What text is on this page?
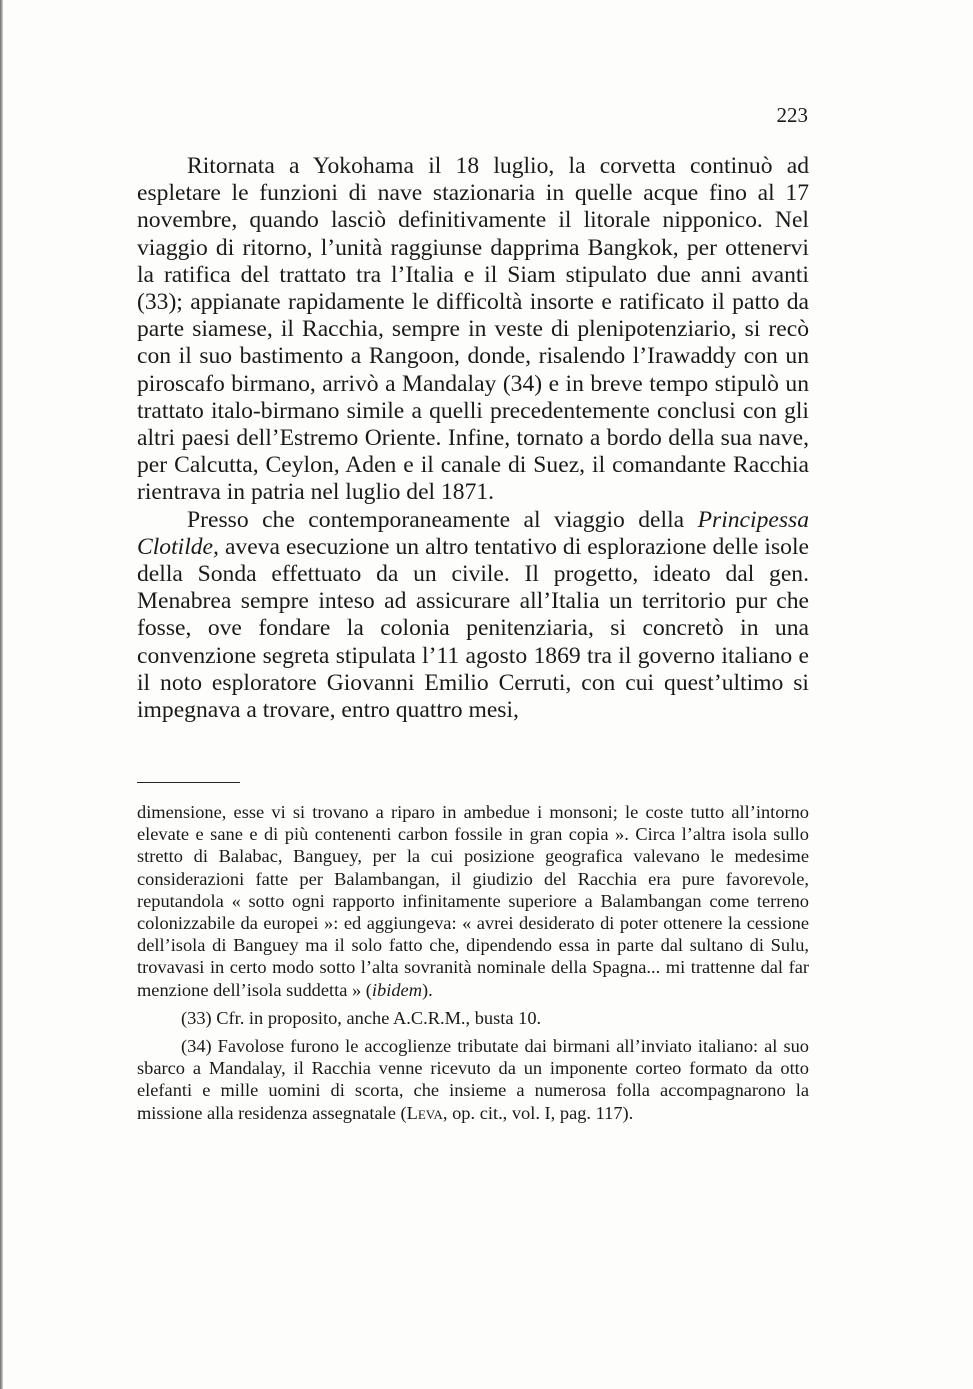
223

Ritornata a Yokohama il 18 luglio, la corvetta continuò ad espletare le funzioni di nave stazionaria in quelle acque fino al 17 novembre, quando lasciò definitivamente il litorale nipponico. Nel viaggio di ritorno, l’unità raggiunse dapprima Bangkok, per ottenervi la ratifica del trattato tra l’Italia e il Siam stipulato due anni avanti (33); appianate rapidamente le difficoltà insorte e ratificato il patto da parte siamese, il Racchia, sempre in veste di plenipotenziario, si recò con il suo bastimento a Rangoon, donde, risalendo l’Irawaddy con un piroscafo birmano, arrivò a Mandalay (34) e in breve tempo stipulò un trattato italo-birmano simile a quelli precedentemente conclusi con gli altri paesi dell’Estremo Oriente. Infine, tornato a bordo della sua nave, per Calcutta, Ceylon, Aden e il canale di Suez, il comandante Racchia rientrava in patria nel luglio del 1871.

Presso che contemporaneamente al viaggio della Principessa Clotilde, aveva esecuzione un altro tentativo di esplorazione delle isole della Sonda effettuato da un civile. Il progetto, ideato dal gen. Menabrea sempre inteso ad assicurare all’Italia un territorio pur che fosse, ove fondare la colonia penitenziaria, si concretò in una convenzione segreta stipulata l’11 agosto 1869 tra il governo italiano e il noto esploratore Giovanni Emilio Cerruti, con cui quest’ultimo si impegnava a trovare, entro quattro mesi,

dimensione, esse vi si trovano a riparo in ambedue i monsoni; le coste tutto all’intorno elevate e sane e di più contenenti carbon fossile in gran copia ». Circa l’altra isola sullo stretto di Balabac, Banguey, per la cui posizione geografica valevano le medesime considerazioni fatte per Balambangan, il giudizio del Racchia era pure favorevole, reputandola « sotto ogni rapporto infinitamente superiore a Balambangan come terreno colonizzabile da europei »: ed aggiungeva: « avrei desiderato di poter ottenere la cessione dell’isola di Banguey ma il solo fatto che, dipendendo essa in parte dal sultano di Sulu, trovavasi in certo modo sotto l’alta sovranità nominale della Spagna... mi trattenne dal far menzione dell’isola suddetta » (ibidem).

(33) Cfr. in proposito, anche A.C.R.M., busta 10.

(34) Favolose furono le accoglienze tributate dai birmani all’inviato italiano: al suo sbarco a Mandalay, il Racchia venne ricevuto da un imponente corteo formato da otto elefanti e mille uomini di scorta, che insieme a numerosa folla accompagnarono la missione alla residenza assegnatale (Leva, op. cit., vol. I, pag. 117).
